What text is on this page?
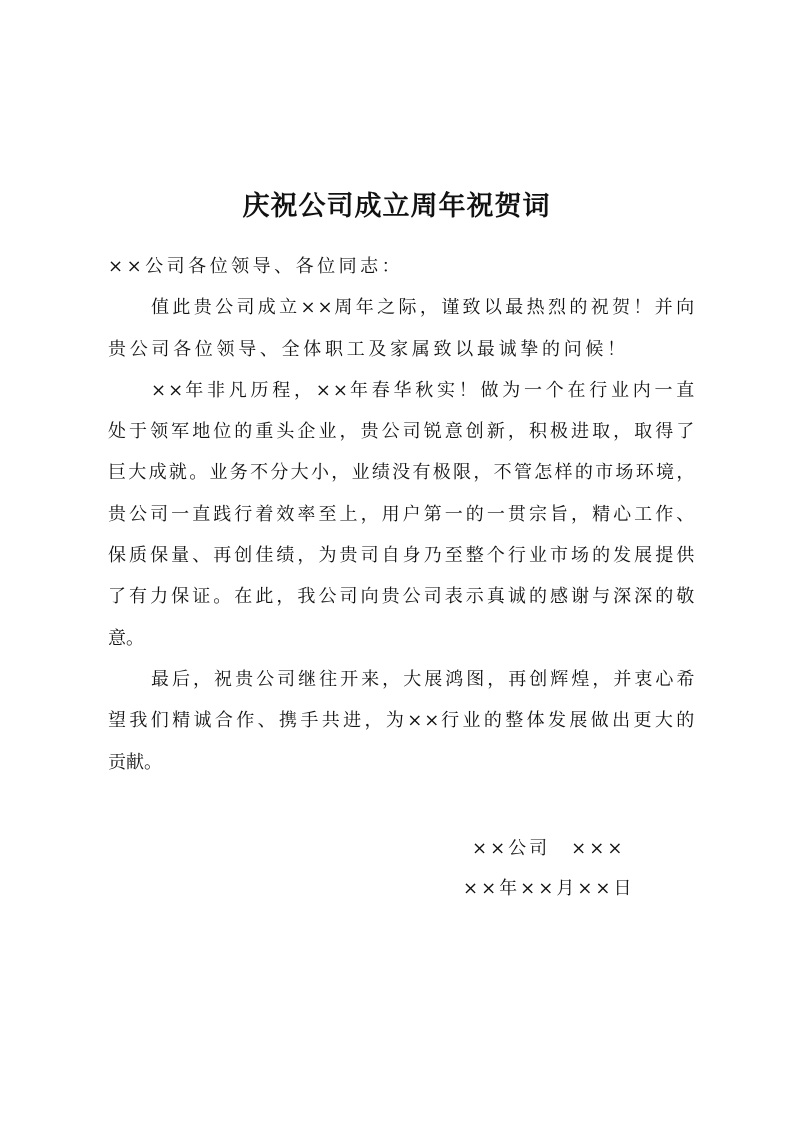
庆祝公司成立周年祝贺词
××公司各位领导、各位同志：
值 此 贵 公 司 成 立 × × 周 年 之 际 ， 谨 致 以 最 热 烈 的 祝 贺 ！ 并 向
贵公司各位领导、全体职工及家属致以最诚挚的问候！
× × 年 非 凡 历 程 ， × × 年 春 华 秋 实 ！ 做 为 一 个 在 行 业 内 一 直
处 于 领 军 地 位 的 重 头 企 业 ， 贵 公 司 锐 意 创 新 ， 积 极 进 取 ， 取 得 了
巨 大 成 就 。 业 务 不 分 大 小 ， 业 绩 没 有 极 限 ， 不 管 怎 样 的 市 场 环 境 ，
贵 公 司 一 直 践 行 着 效 率 至 上 ， 用 户 第 一 的 一 贯 宗 旨 ， 精 心 工 作 、
保 质 保 量 、 再 创 佳 绩 ， 为 贵 司 自 身 乃 至 整 个 行 业 市 场 的 发 展 提 供
了 有 力 保 证 。 在 此 ， 我 公 司 向 贵 公 司 表 示 真 诚 的 感 谢 与 深 深 的 敬
意。
最 后 ， 祝 贵 公 司 继 往 开 来 ， 大 展 鸿 图 ， 再 创 辉 煌 ， 并 衷 心 希
望 我 们 精 诚 合 作 、 携 手 共 进 ， 为 × × 行 业 的 整 体 发 展 做 出 更 大 的
贡献。
××公司　×××
××年××月××日
